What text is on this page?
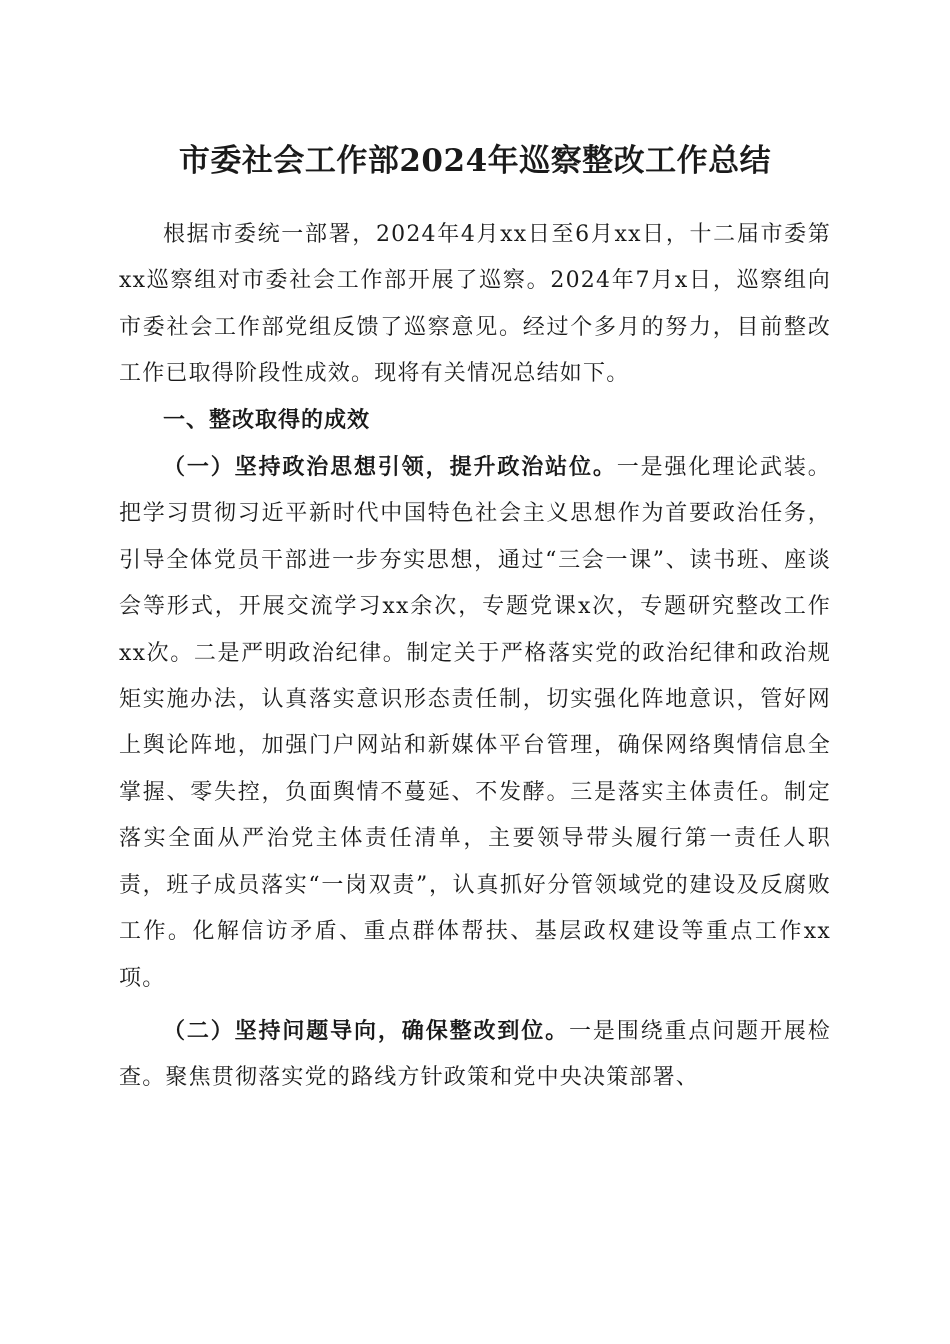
市委社会工作部2024年巡察整改工作总结

根据市委统一部署，2024年4月xx日至6月xx日，十二届市委第xx巡察组对市委社会工作部开展了巡察。2024年7月x日，巡察组向市委社会工作部党组反馈了巡察意见。经过个多月的努力，目前整改工作已取得阶段性成效。现将有关情况总结如下。

一、整改取得的成效

（一）坚持政治思想引领，提升政治站位。一是强化理论武装。把学习贯彻习近平新时代中国特色社会主义思想作为首要政治任务，引导全体党员干部进一步夯实思想，通过“三会一课”、读书班、座谈会等形式，开展交流学习xx余次，专题党课x次，专题研究整改工作xx次。二是严明政治纪律。制定关于严格落实党的政治纪律和政治规矩实施办法，认真落实意识形态责任制，切实强化阵地意识，管好网上舆论阵地，加强门户网站和新媒体平台管理，确保网络舆情信息全掌握、零失控，负面舆情不蔓延、不发酵。三是落实主体责任。制定落实全面从严治党主体责任清单，主要领导带头履行第一责任人职责，班子成员落实“一岗双责”，认真抓好分管领域党的建设及反腐败工作。化解信访矛盾、重点群体帮扶、基层政权建设等重点工作xx项。

（二）坚持问题导向，确保整改到位。一是围绕重点问题开展检查。聚焦贯彻落实党的路线方针政策和党中央决策部署、
